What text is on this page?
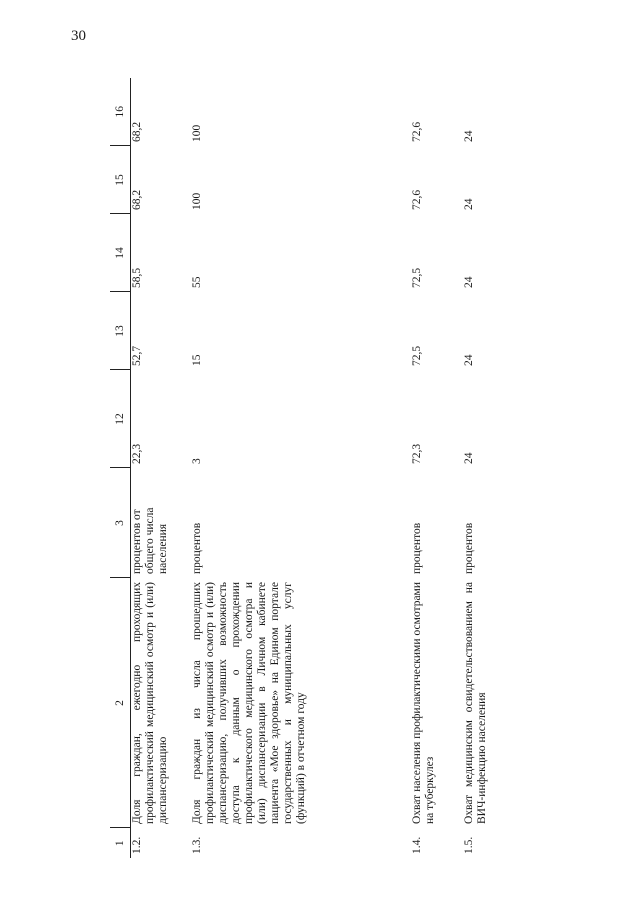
30
1	2	3	12	13	14	15	16
1.2.	Доля граждан, ежегодно проходящих профилактический медицинский осмотр и (или) диспансеризацию	процентов от общего числа населения	22,3	52,7	58,5	68,2	68,2
1.3.	Доля граждан из числа прошедших профилактический медицинский осмотр и (или) диспансеризацию, получивших возможность доступа к данным о прохождении профилактического медицинского осмотра и (или) диспансеризации в Личном кабинете пациента «Мое здоровье» на Едином портале государственных и муниципальных услуг (функций) в отчетном году	процентов	3	15	55	100	100
1.4.	Охват населения профилактическими осмотрами на туберкулез	процентов	72,3	72,5	72,5	72,6	72,6
1.5.	Охват медицинским освидетельствованием на ВИЧ-инфекцию населения	процентов	24	24	24	24	24
